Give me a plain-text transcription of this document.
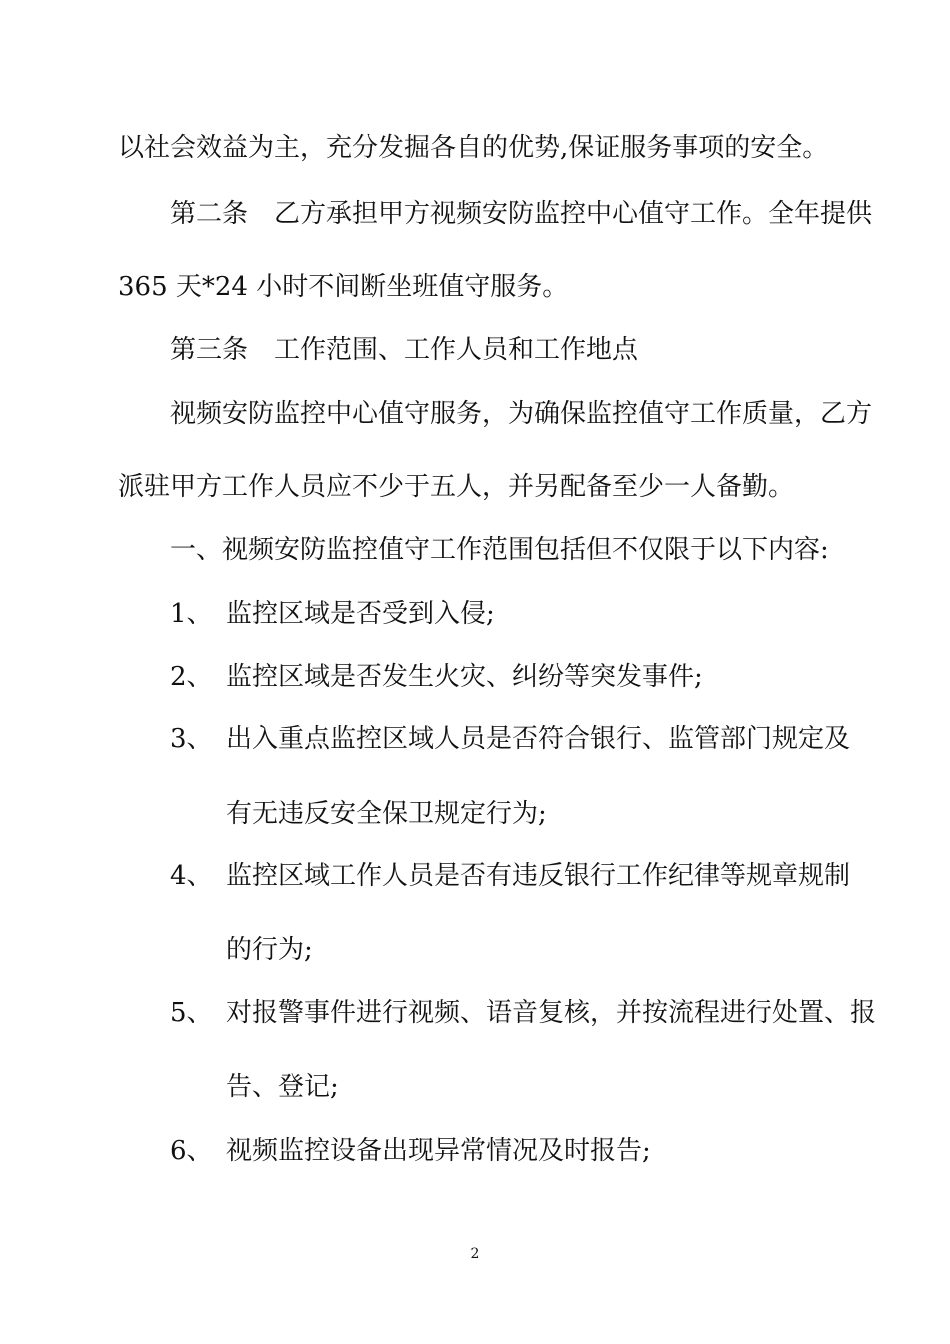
以社会效益为主，充分发掘各自的优势,保证服务事项的安全。
第二条　乙方承担甲方视频安防监控中心值守工作。全年提供
365 天*24 小时不间断坐班值守服务。
第三条　工作范围、工作人员和工作地点
视频安防监控中心值守服务，为确保监控值守工作质量，乙方
派驻甲方工作人员应不少于五人，并另配备至少一人备勤。
一、视频安防监控值守工作范围包括但不仅限于以下内容:
1、 监控区域是否受到入侵;
2、 监控区域是否发生火灾、纠纷等突发事件;
3、 出入重点监控区域人员是否符合银行、监管部门规定及
有无违反安全保卫规定行为;
4、 监控区域工作人员是否有违反银行工作纪律等规章规制
的行为;
5、 对报警事件进行视频、语音复核，并按流程进行处置、报
告、登记;
6、 视频监控设备出现异常情况及时报告;
2
